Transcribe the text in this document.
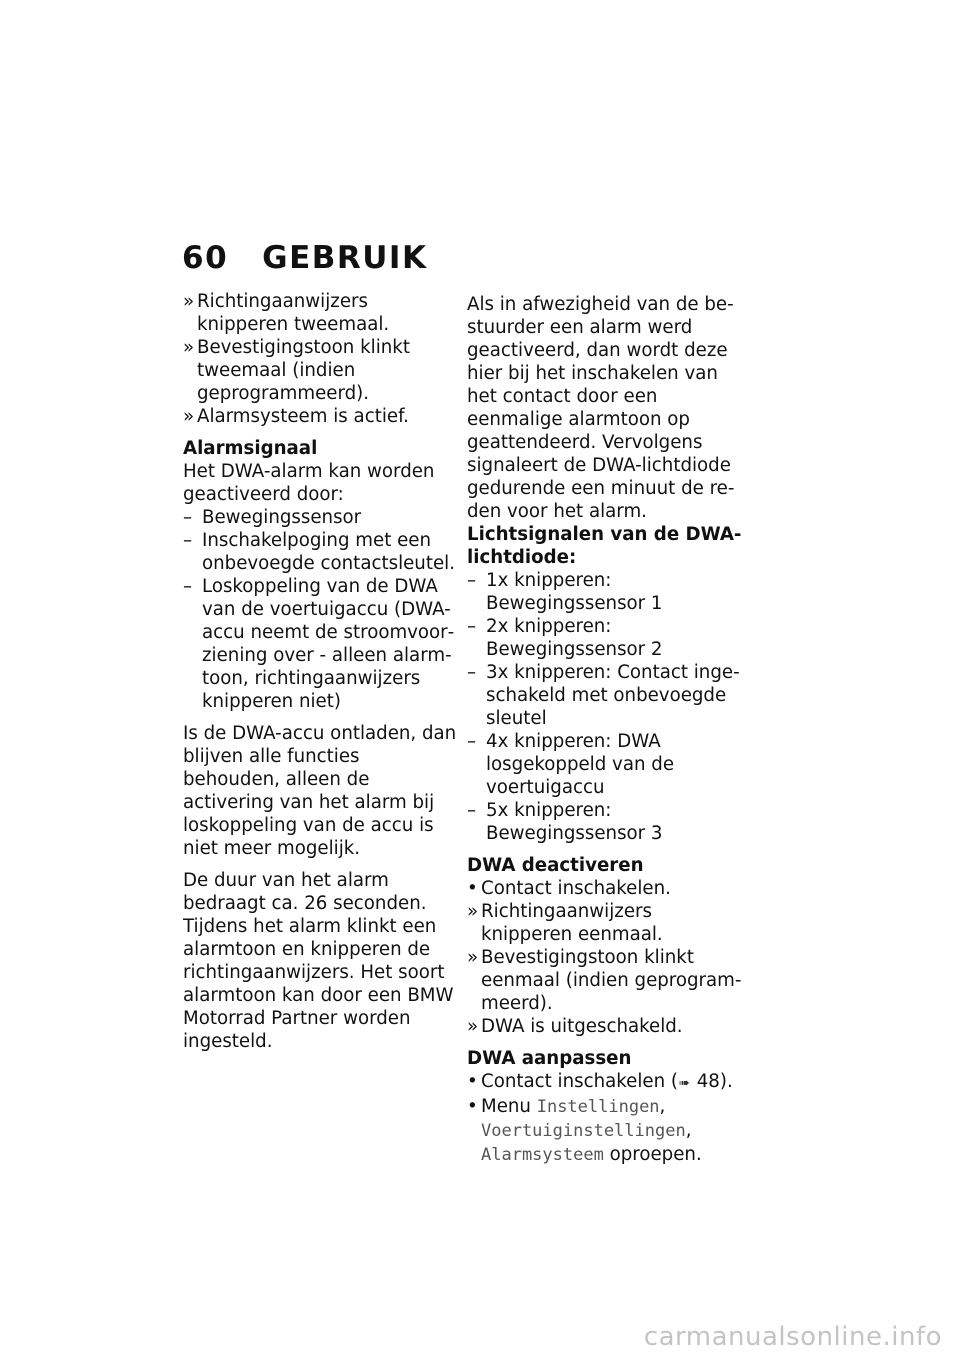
60 GEBRUIK
» Richtingaanwijzers knipperen tweemaal.
» Bevestigingstoon klinkt tweemaal (indien geprogrammeerd).
» Alarmsysteem is actief.

Alarmsignaal

Het DWA-alarm kan worden geactiveerd door:

– Bewegingssensor
– Inschakelpoging met een onbevoegde contactsleutel.
– Loskoppeling van de DWA van de voertuigaccu (DWA-accu neemt de stroomvoorziening over - alleen alarmtoon, richtingaanwijzers knipperen niet)

Is de DWA-accu ontladen, dan blijven alle functies behouden, alleen de activering van het alarm bij loskoppeling van de accu is niet meer mogelijk.

De duur van het alarm bedraagt ca. 26 seconden. Tijdens het alarm klinkt een alarmtoon en knipperen de richtingaanwijzers. Het soort alarmtoon kan door een BMW Motorrad Partner worden ingesteld.

Als in afwezigheid van de bestuurder een alarm werd geactiveerd, dan wordt deze hier bij het inschakelen van het contact door een eenmalige alarmtoon op geattendeerd. Vervolgens signaleert de DWA-lichtdiode gedurende een minuut de reden voor het alarm.

Lichtsignalen van de DWA-lichtdiode:

– 1x knipperen: Bewegingssensor 1
– 2x knipperen: Bewegingssensor 2
– 3x knipperen: Contact ingeschakeld met onbevoegde sleutel
– 4x knipperen: DWA losgekoppeld van de voertuigaccu
– 5x knipperen: Bewegingssensor 3

DWA deactiveren

• Contact inschakelen.
» Richtingaanwijzers knipperen eenmaal.
» Bevestigingstoon klinkt eenmaal (indien geprogrammeerd).
» DWA is uitgeschakeld.

DWA aanpassen

• Contact inschakelen (➠ 48).
• Menu Instellingen, Voertuiginstellingen, Alarmsysteem oproepen.
carmanualsonline.info
